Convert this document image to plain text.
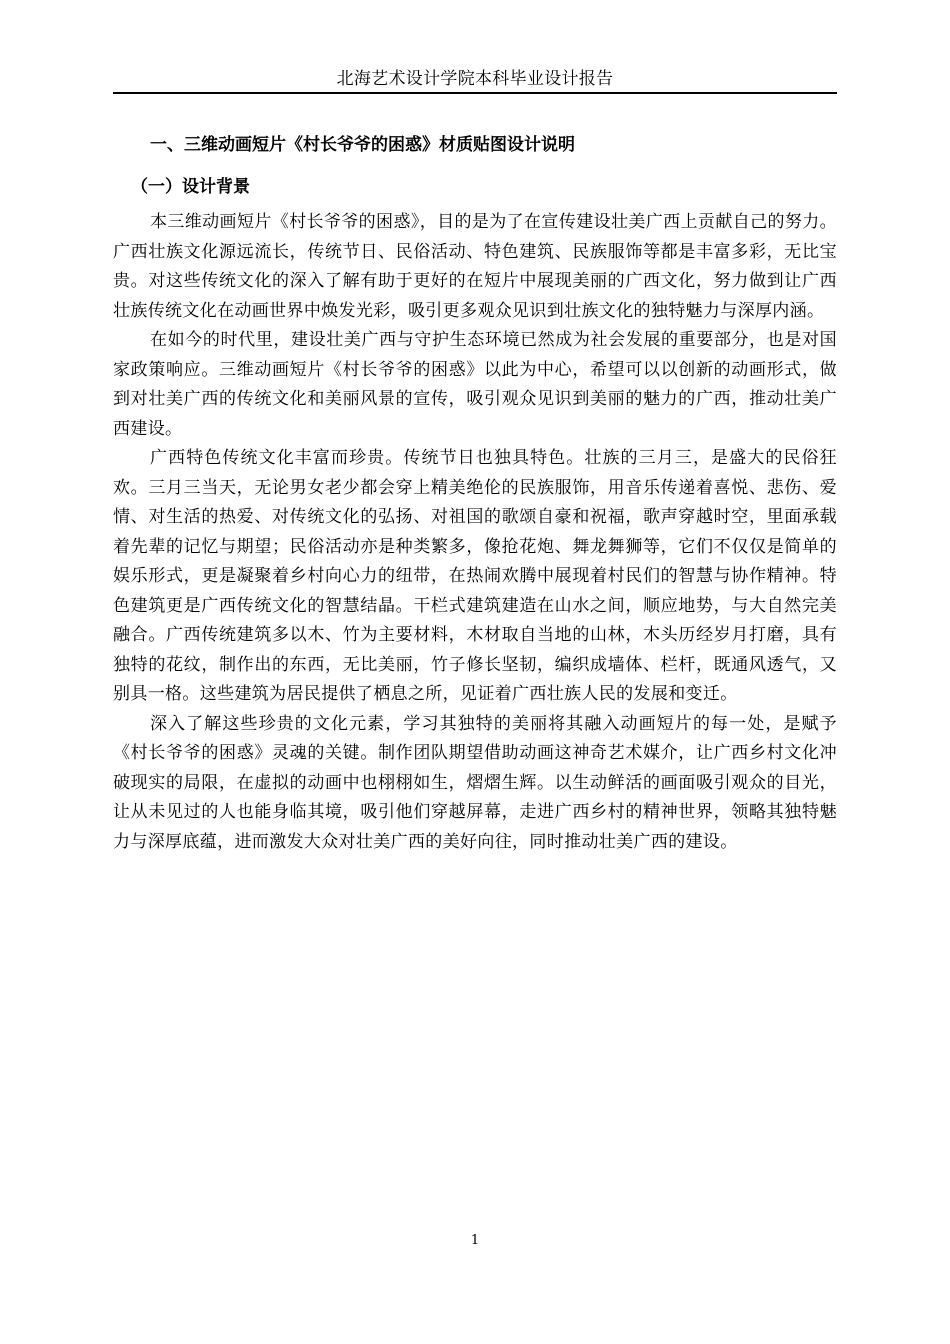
北海艺术设计学院本科毕业设计报告
一、三维动画短片《村长爷爷的困惑》材质贴图设计说明
（一）设计背景

本三维动画短片《村长爷爷的困惑》，目的是为了在宣传建设壮美广西上贡献自己的努力。广西壮族文化源远流长，传统节日、民俗活动、特色建筑、民族服饰等都是丰富多彩，无比宝贵。对这些传统文化的深入了解有助于更好的在短片中展现美丽的广西文化，努力做到让广西壮族传统文化在动画世界中焕发光彩，吸引更多观众见识到壮族文化的独特魅力与深厚内涵。

在如今的时代里，建设壮美广西与守护生态环境已然成为社会发展的重要部分，也是对国家政策响应。三维动画短片《村长爷爷的困惑》以此为中心，希望可以以创新的动画形式，做到对壮美广西的传统文化和美丽风景的宣传，吸引观众见识到美丽的魅力的广西，推动壮美广西建设。

广西特色传统文化丰富而珍贵。传统节日也独具特色。壮族的三月三，是盛大的民俗狂欢。三月三当天，无论男女老少都会穿上精美绝伦的民族服饰，用音乐传递着喜悦、悲伤、爱情、对生活的热爱、对传统文化的弘扬、对祖国的歌颂自豪和祝福，歌声穿越时空，里面承载着先辈的记忆与期望；民俗活动亦是种类繁多，像抢花炮、舞龙舞狮等，它们不仅仅是简单的娱乐形式，更是凝聚着乡村向心力的纽带，在热闹欢腾中展现着村民们的智慧与协作精神。特色建筑更是广西传统文化的智慧结晶。干栏式建筑建造在山水之间，顺应地势，与大自然完美融合。广西传统建筑多以木、竹为主要材料，木材取自当地的山林，木头历经岁月打磨，具有独特的花纹，制作出的东西，无比美丽，竹子修长坚韧，编织成墙体、栏杆，既通风透气，又别具一格。这些建筑为居民提供了栖息之所，见证着广西壮族人民的发展和变迁。

深入了解这些珍贵的文化元素，学习其独特的美丽将其融入动画短片的每一处，是赋予《村长爷爷的困惑》灵魂的关键。制作团队期望借助动画这神奇艺术媒介，让广西乡村文化冲破现实的局限，在虚拟的动画中也栩栩如生，熠熠生辉。以生动鲜活的画面吸引观众的目光，让从未见过的人也能身临其境，吸引他们穿越屏幕，走进广西乡村的精神世界，领略其独特魅力与深厚底蕴，进而激发大众对壮美广西的美好向往，同时推动壮美广西的建设。

1
